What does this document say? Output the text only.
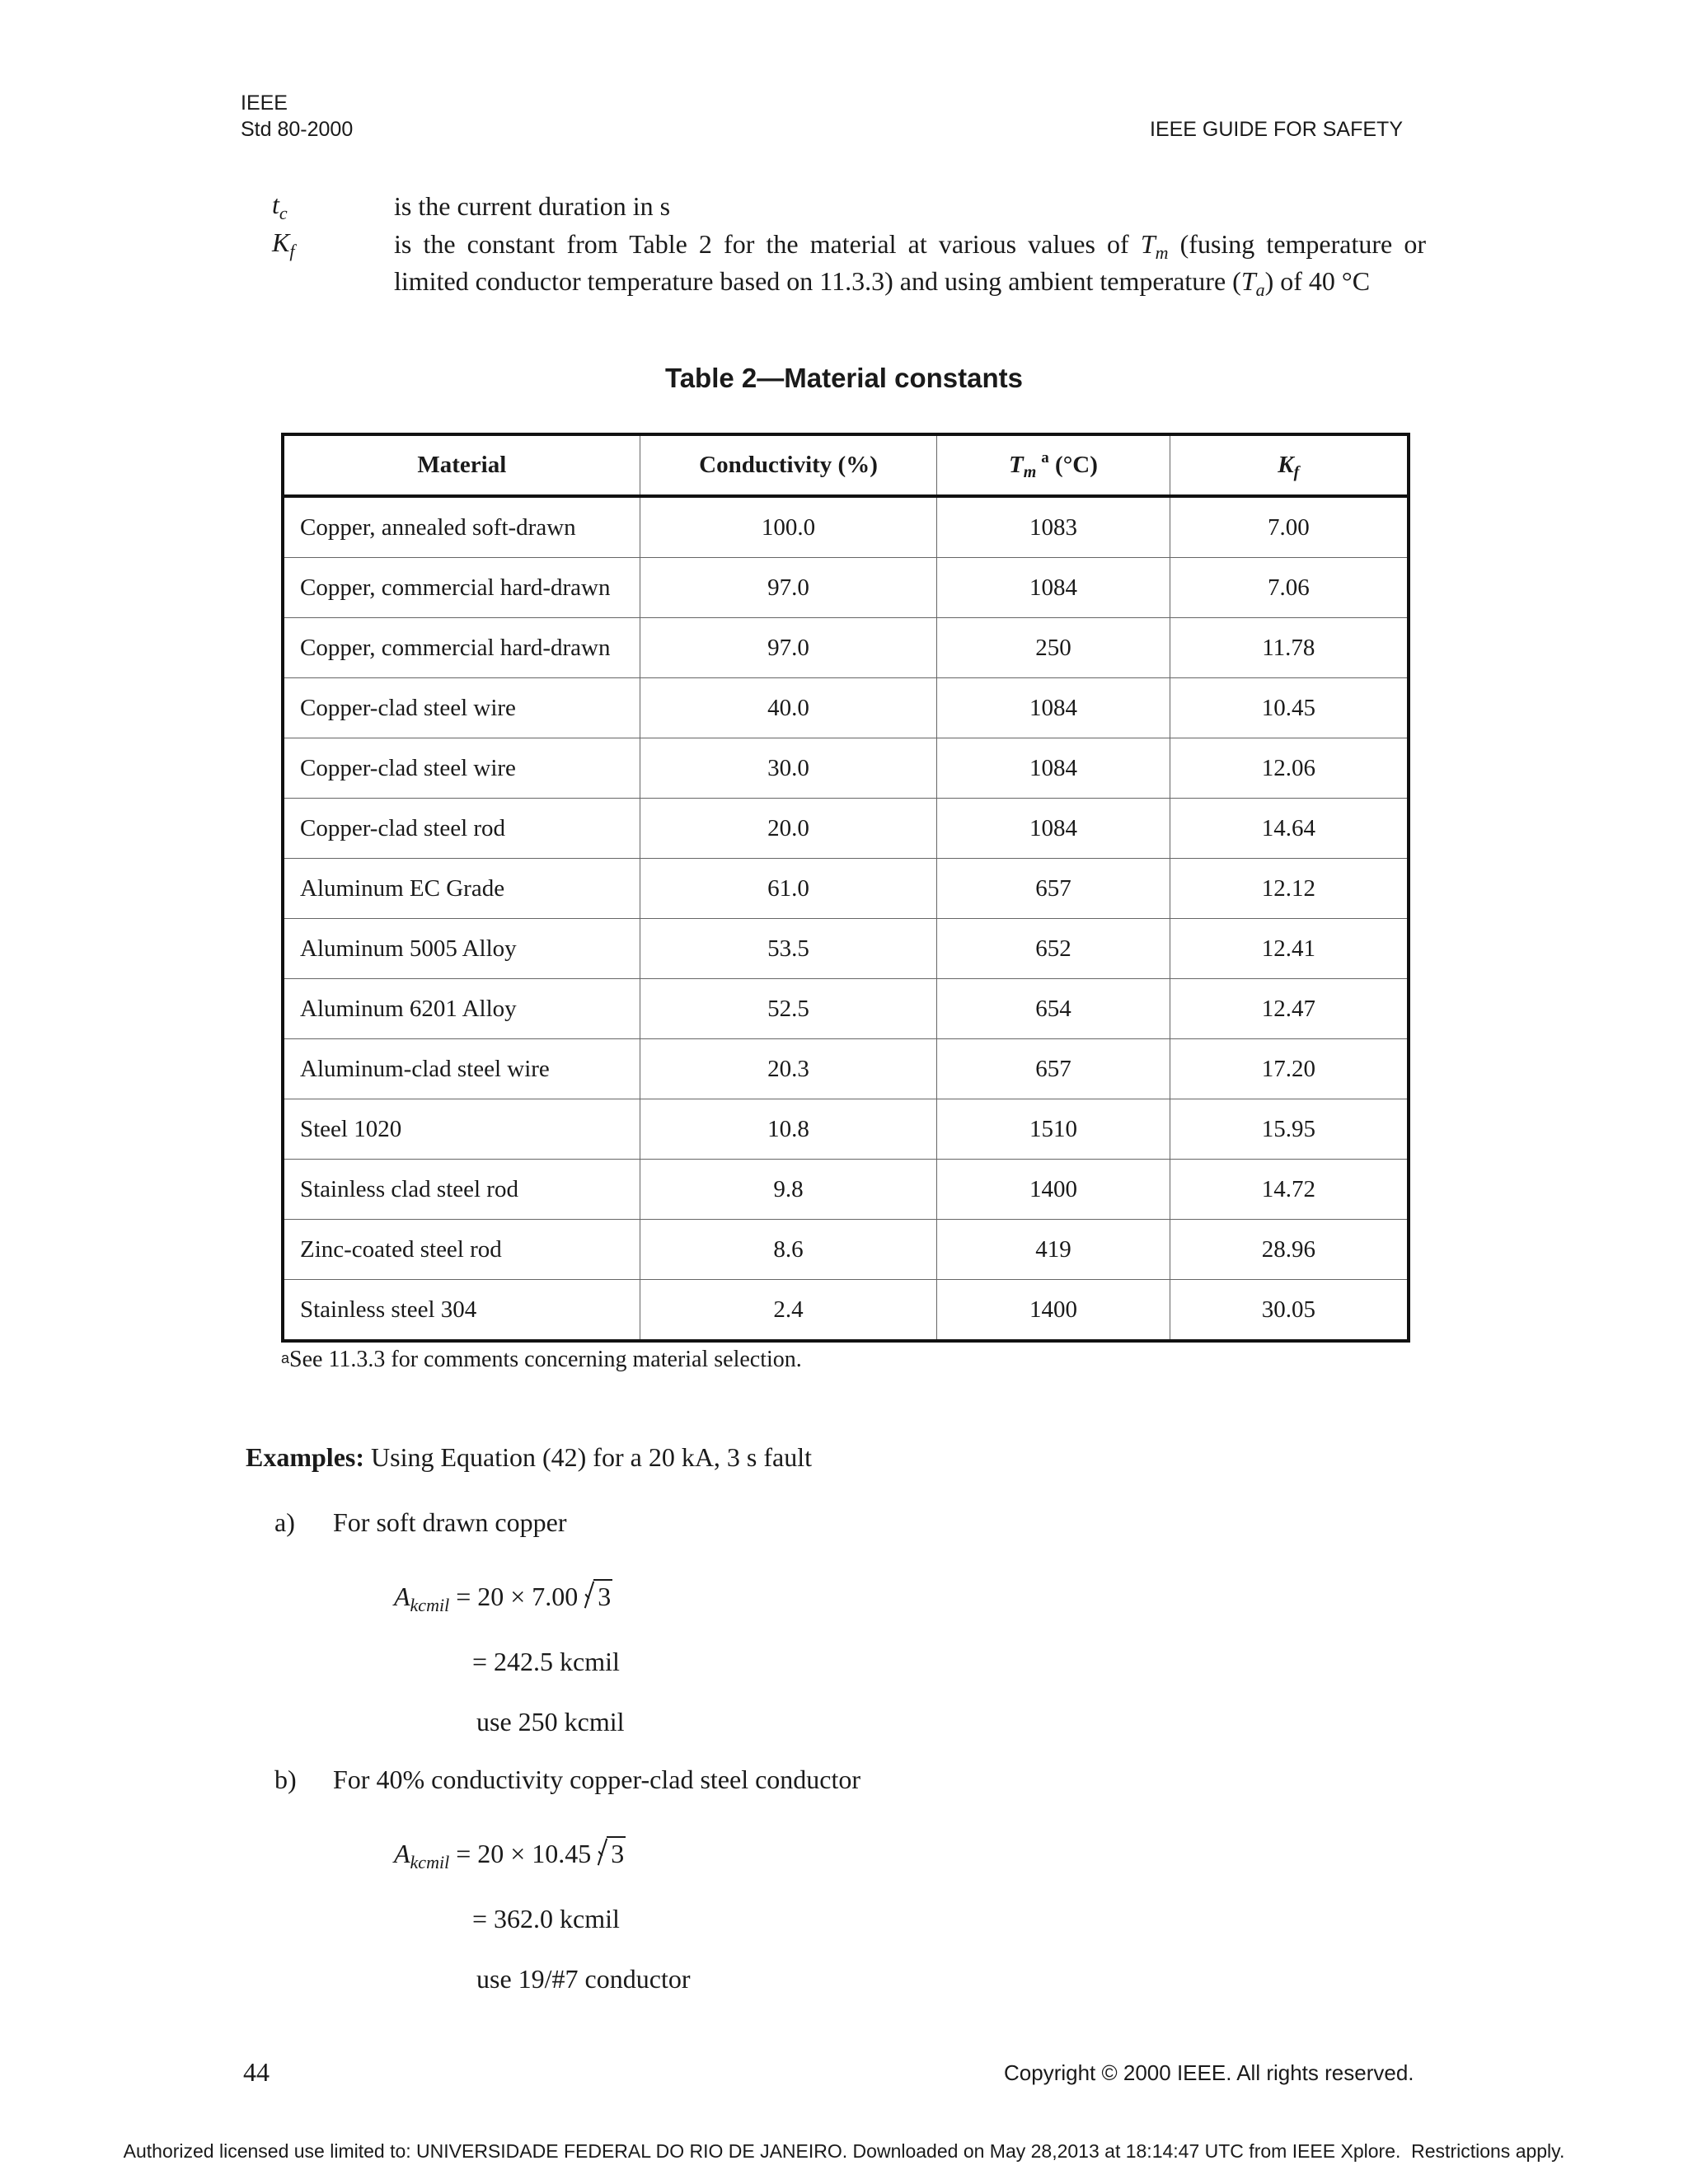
IEEE
Std 80-2000	IEEE GUIDE FOR SAFETY
$t_c$	is the current duration in s
$K_f$	is the constant from Table 2 for the material at various values of $T_m$ (fusing temperature or
limited conductor temperature based on 11.3.3) and using ambient temperature $(T_a)$ of 40 °C
Table 2—Material constants
Material	Conductivity (%)	$T_m^a$ (°C)	$K_f$
Copper, annealed soft-drawn	100.0	1083	7.00
Copper, commercial hard-drawn	97.0	1084	7.06
Copper, commercial hard-drawn	97.0	250	11.78
Copper-clad steel wire	40.0	1084	10.45
Copper-clad steel wire	30.0	1084	12.06
Copper-clad steel rod	20.0	1084	14.64
Aluminum EC Grade	61.0	657	12.12
Aluminum 5005 Alloy	53.5	652	12.41
Aluminum 6201 Alloy	52.5	654	12.47
Aluminum-clad steel wire	20.3	657	17.20
Steel 1020	10.8	1510	15.95
Stainless clad steel rod	9.8	1400	14.72
Zinc-coated steel rod	8.6	419	28.96
Stainless steel 304	2.4	1400	30.05
$^a$See 11.3.3 for comments concerning material selection.
Examples: Using Equation (42) for a 20 kA, 3 s fault
a) For soft drawn copper
$A_{kcmil} = 20 \times 7.00$ 3
= 242.5 kcmil
use 250 kcmil
b) For 40% conductivity copper-clad steel conductor
$A_{kcmil} = 20 \times 10.45$ 3
= 362.0 kcmil
use 19/#7 conductor
44	Copyright © 2000 IEEE. All rights reserved.
Authorized licensed use limited to: UNIVERSIDADE FEDERAL DO RIO DE JANEIRO. Downloaded on May 28,2013 at 18:14:47 UTC from IEEE Xplore.  Restrictions apply.
